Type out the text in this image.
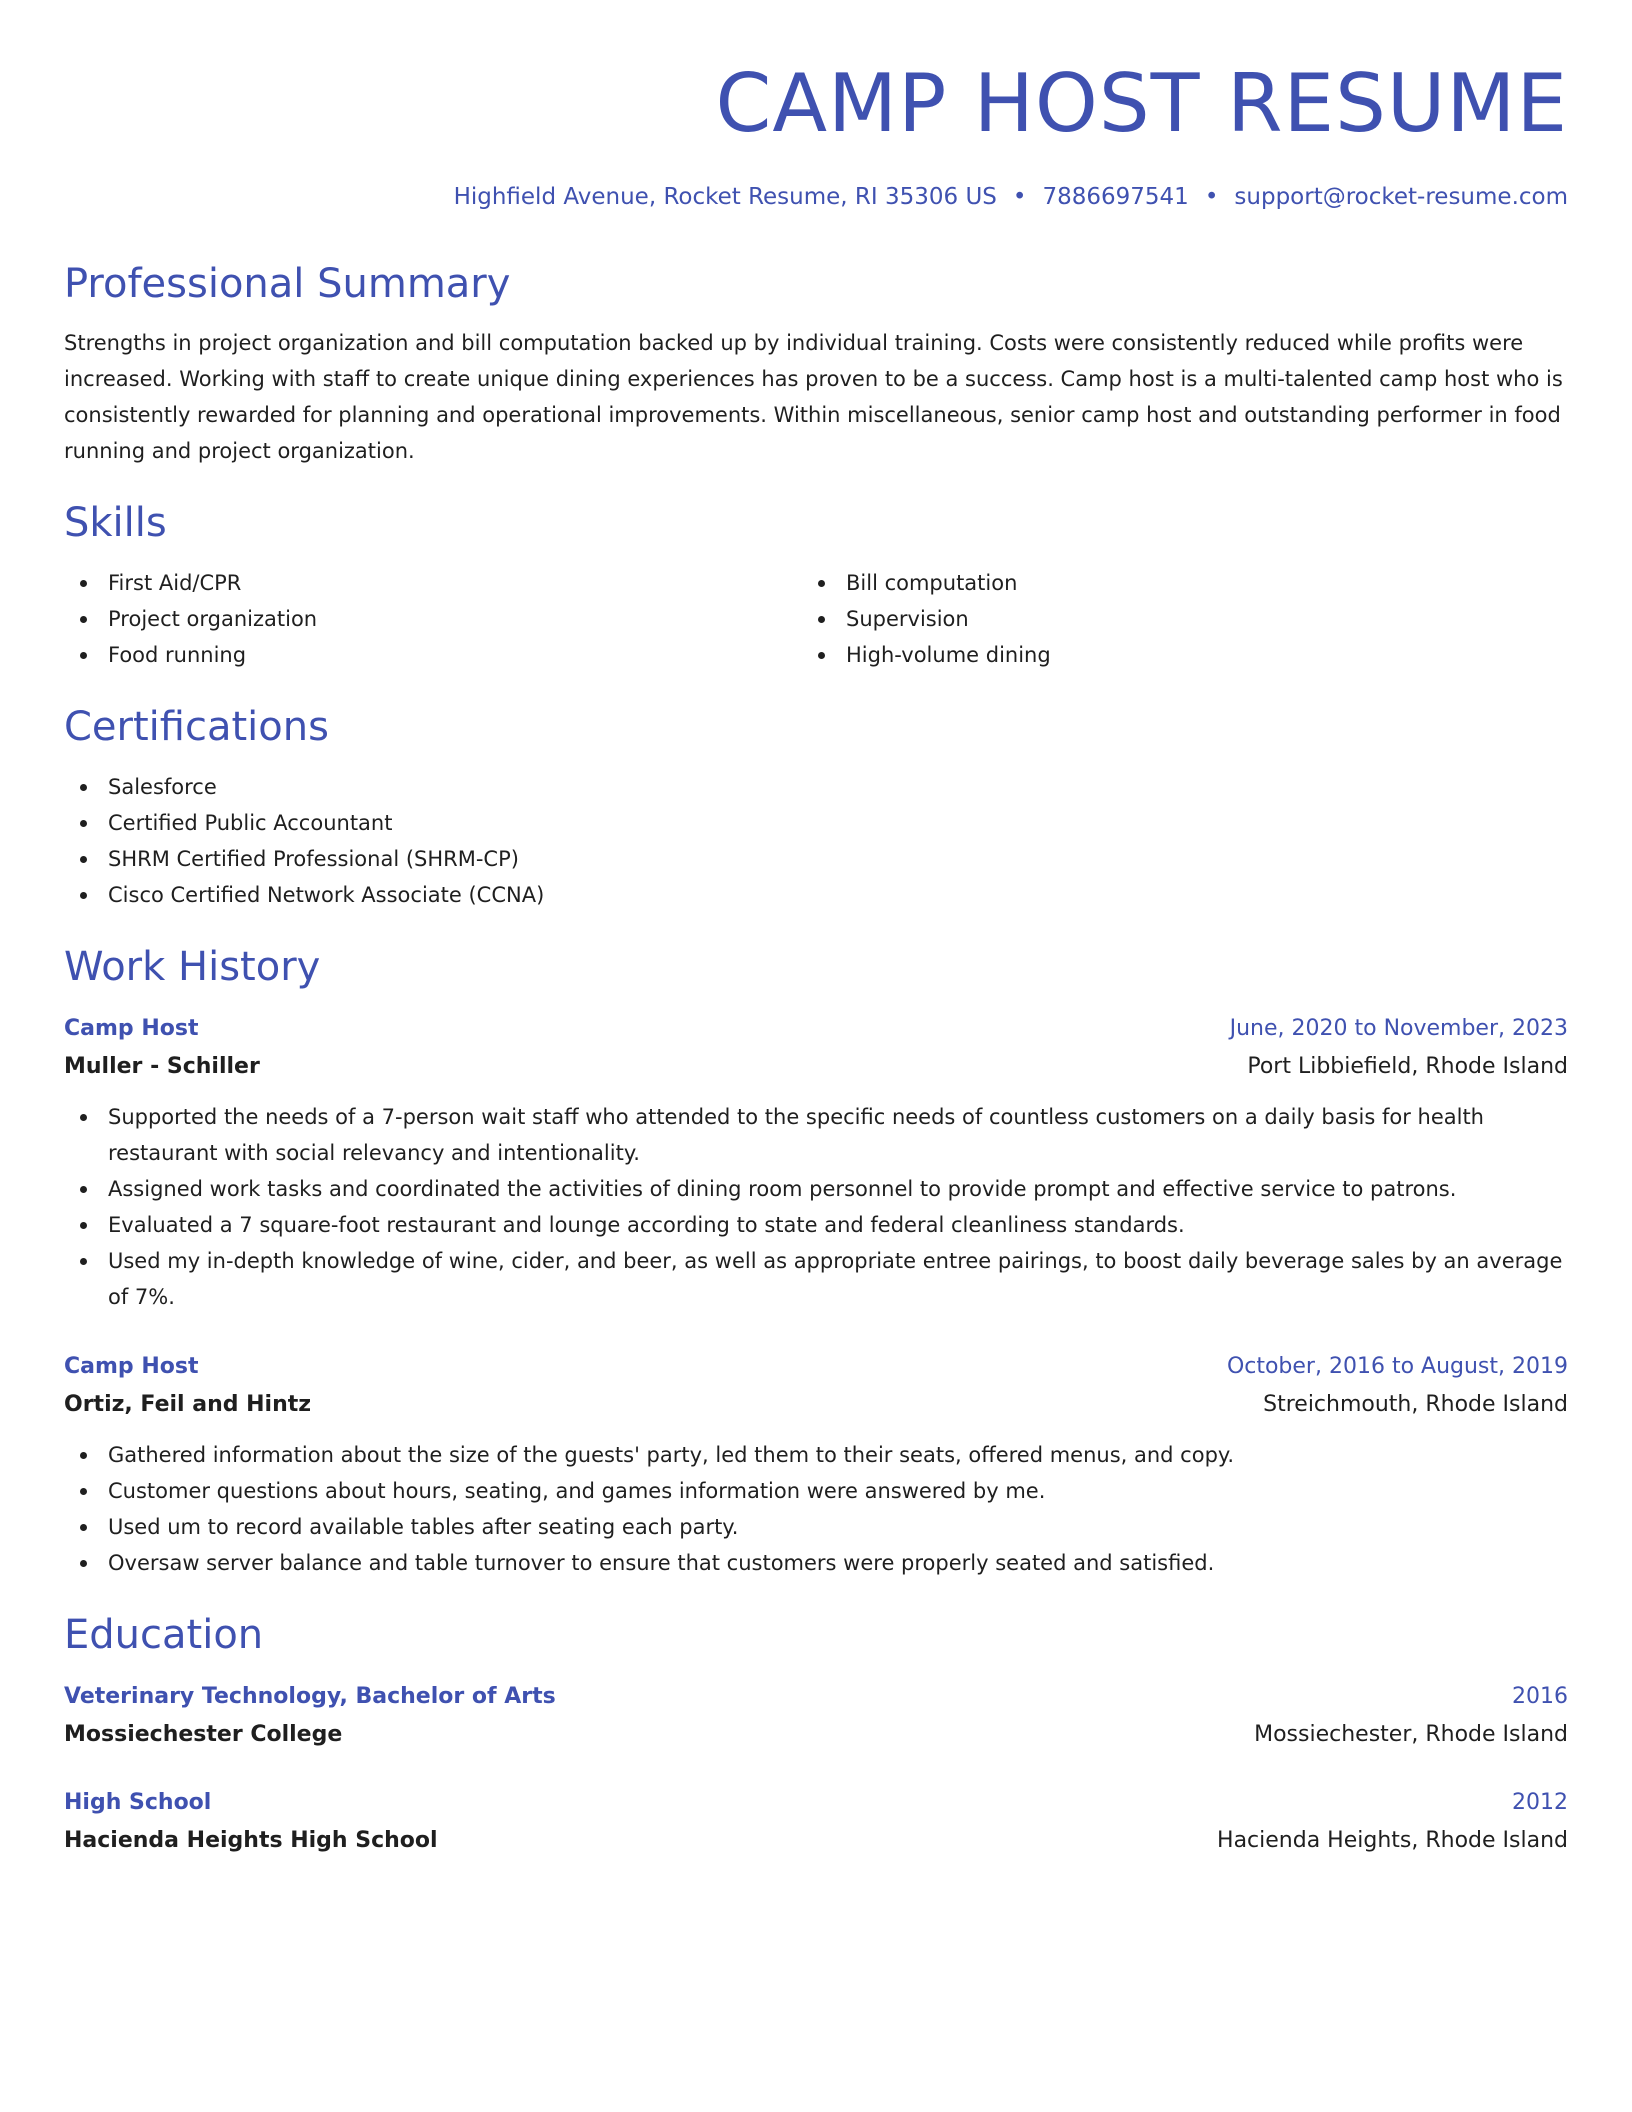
CAMP HOST RESUME
Highfield Avenue, Rocket Resume, RI 35306 US • 7886697541 • support@rocket-resume.com
Professional Summary

Strengths in project organization and bill computation backed up by individual training. Costs were consistently reduced while profits were increased. Working with staff to create unique dining experiences has proven to be a success. Camp host is a multi-talented camp host who is consistently rewarded for planning and operational improvements. Within miscellaneous, senior camp host and outstanding performer in food running and project organization.

Skills
First Aid/CPR
Project organization
Food running
Bill computation
Supervision
High-volume dining
Certifications
Salesforce
Certified Public Accountant
SHRM Certified Professional (SHRM-CP)
Cisco Certified Network Associate (CCNA)
Work History
Camp Host	June, 2020 to November, 2023
Muller - Schiller	Port Libbiefield, Rhode Island
Supported the needs of a 7-person wait staff who attended to the specific needs of countless customers on a daily basis for health restaurant with social relevancy and intentionality.
Assigned work tasks and coordinated the activities of dining room personnel to provide prompt and effective service to patrons.
Evaluated a 7 square-foot restaurant and lounge according to state and federal cleanliness standards.
Used my in-depth knowledge of wine, cider, and beer, as well as appropriate entree pairings, to boost daily beverage sales by an average of 7%.
Camp Host	October, 2016 to August, 2019
Ortiz, Feil and Hintz	Streichmouth, Rhode Island
Gathered information about the size of the guests' party, led them to their seats, offered menus, and copy.
Customer questions about hours, seating, and games information were answered by me.
Used um to record available tables after seating each party.
Oversaw server balance and table turnover to ensure that customers were properly seated and satisfied.
Education
Veterinary Technology, Bachelor of Arts	2016
Mossiechester College	Mossiechester, Rhode Island
High School	2012
Hacienda Heights High School	Hacienda Heights, Rhode Island
